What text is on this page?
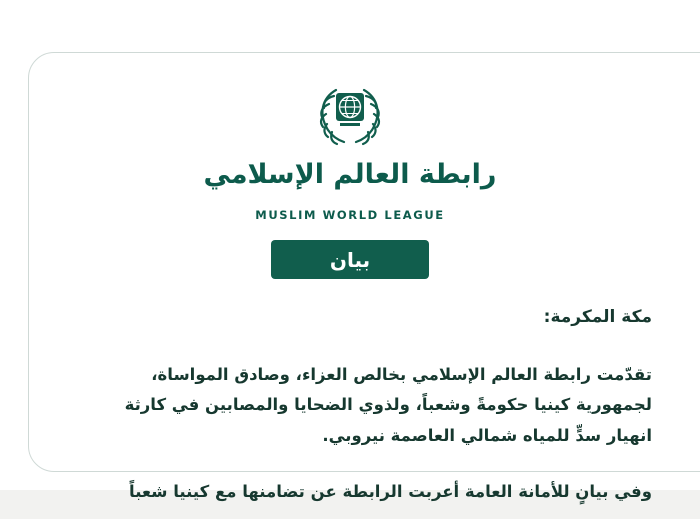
رابطة العالم الإسلامي
MUSLIM WORLD LEAGUE
بيان

مكة المكرمة:

تقدّمت رابطة العالم الإسلامي بخالص العزاء، وصادق المواساة، لجمهورية كينيا حكومةً وشعباً، ولذوي الضحايا والمصابين في كارثة انهيار سدٍّ للمياه شمالي العاصمة نيروبي.

وفي بيانٍ للأمانة العامة أعربت الرابطة عن تضامنها مع كينيا شعباً
